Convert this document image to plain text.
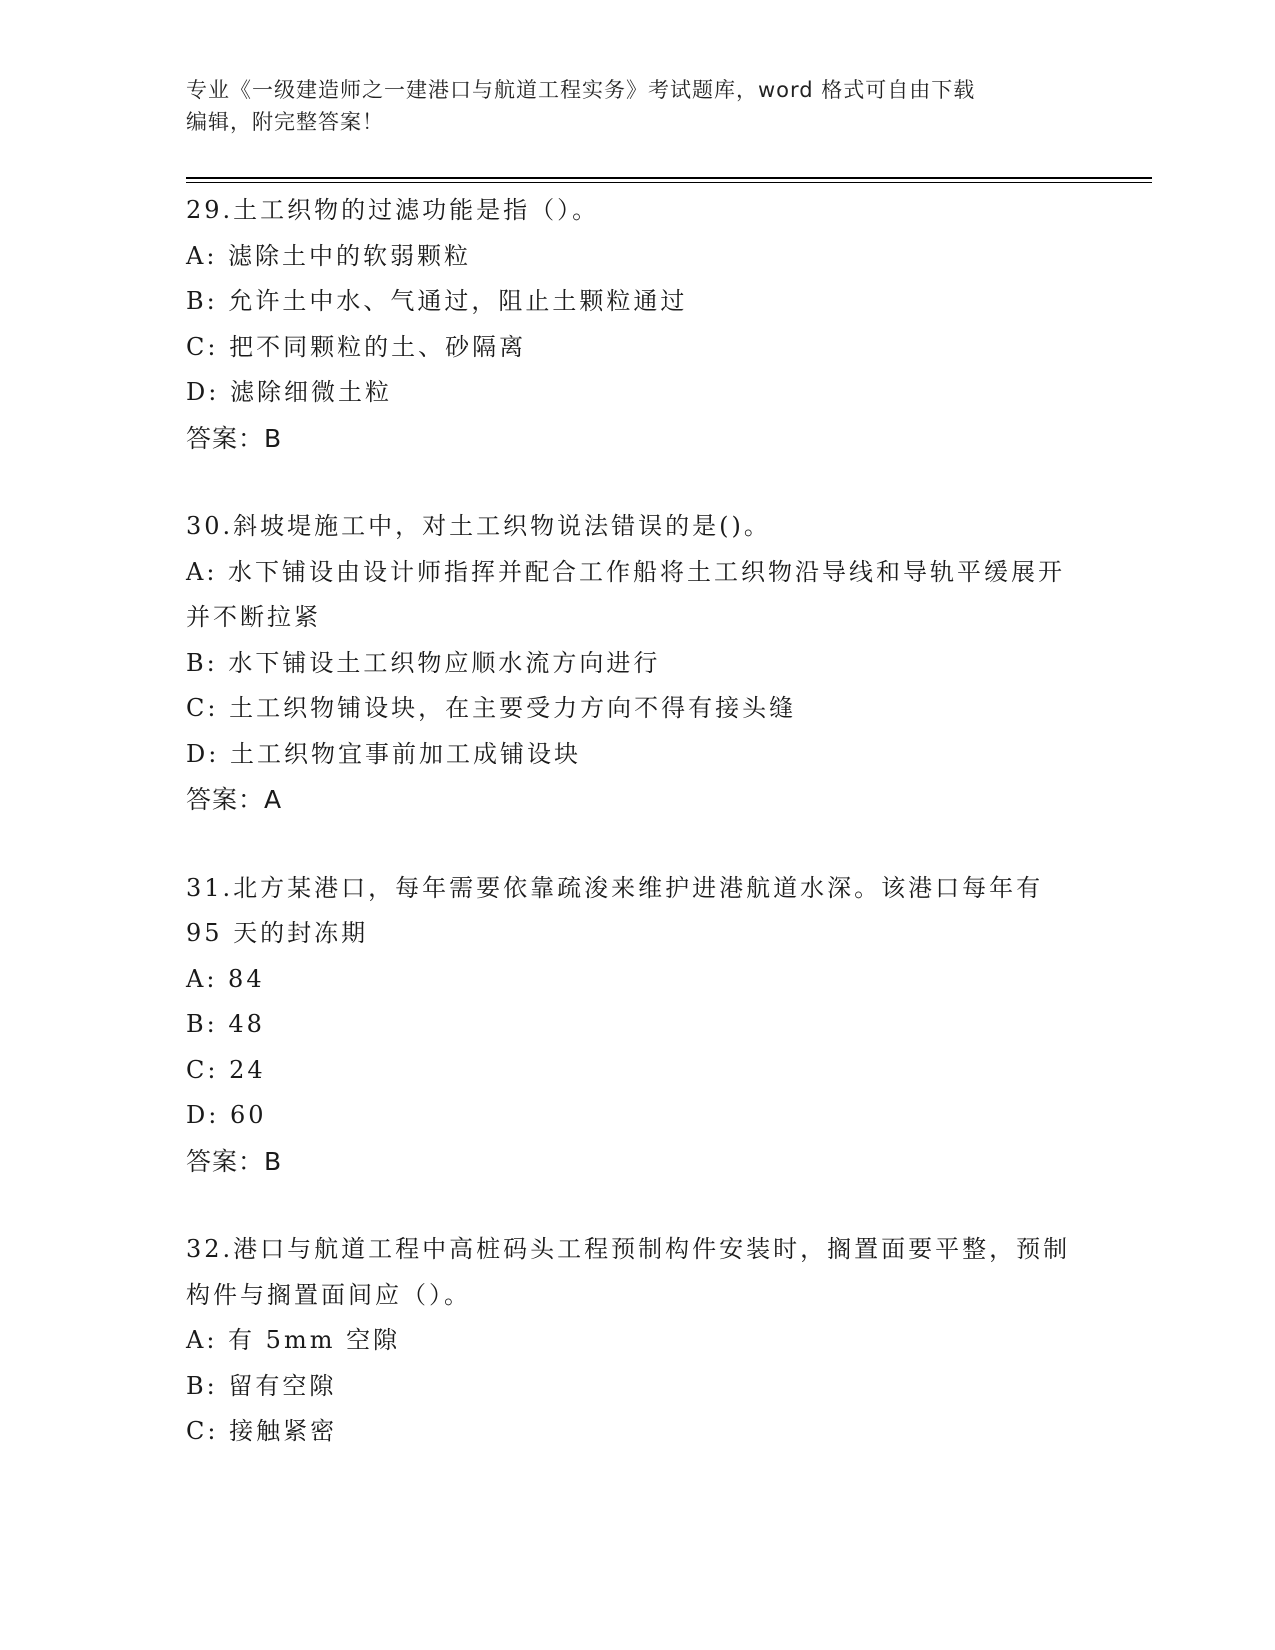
专业《一级建造师之一建港口与航道工程实务》考试题库，word 格式可自由下载
编辑，附完整答案！
29.土工织物的过滤功能是指（）。
A: 滤除土中的软弱颗粒
B: 允许土中水、气通过，阻止土颗粒通过
C: 把不同颗粒的土、砂隔离
D: 滤除细微土粒
答案：B
30.斜坡堤施工中，对土工织物说法错误的是()。
A: 水下铺设由设计师指挥并配合工作船将土工织物沿导线和导轨平缓展开并不断拉紧
B: 水下铺设土工织物应顺水流方向进行
C: 土工织物铺设块，在主要受力方向不得有接头缝
D: 土工织物宜事前加工成铺设块
答案：A
31.北方某港口，每年需要依靠疏浚来维护进港航道水深。该港口每年有 95 天的封冻期
A: 84
B: 48
C: 24
D: 60
答案：B
32.港口与航道工程中高桩码头工程预制构件安装时，搁置面要平整，预制构件与搁置面间应（）。
A: 有 5mm 空隙
B: 留有空隙
C: 接触紧密
